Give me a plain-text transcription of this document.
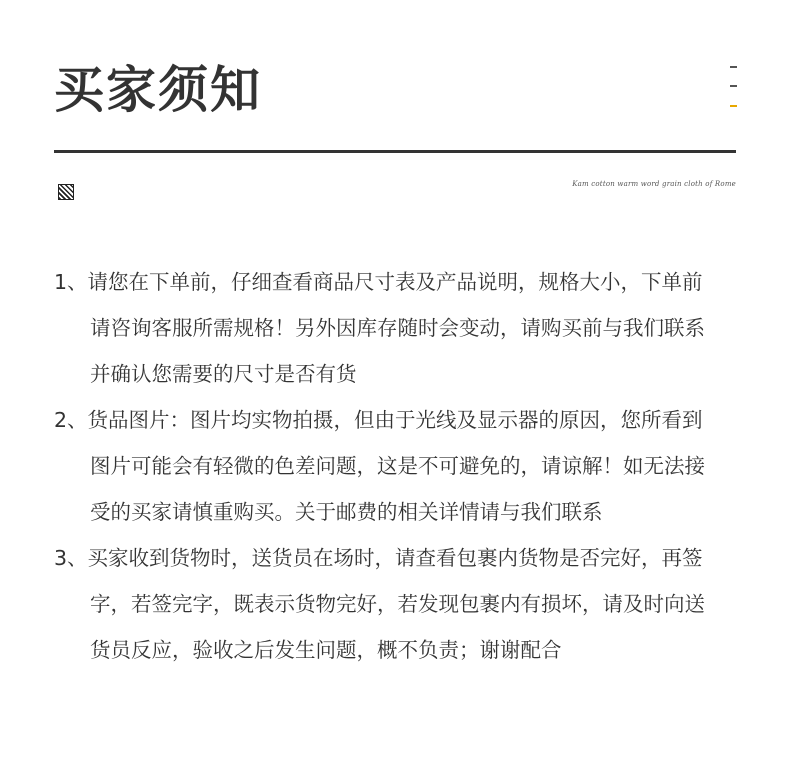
买家须知
Kam cotton warm word grain cloth of Rome
1、请您在下单前，仔细查看商品尺寸表及产品说明，规格大小，下单前
请咨询客服所需规格！另外因库存随时会变动，请购买前与我们联系
并确认您需要的尺寸是否有货
2、货品图片：图片均实物拍摄，但由于光线及显示器的原因，您所看到
图片可能会有轻微的色差问题，这是不可避免的，请谅解！如无法接
受的买家请慎重购买。关于邮费的相关详情请与我们联系
3、买家收到货物时，送货员在场时，请查看包裹内货物是否完好，再签
字，若签完字，既表示货物完好，若发现包裹内有损坏，请及时向送
货员反应，验收之后发生问题，概不负责；谢谢配合
